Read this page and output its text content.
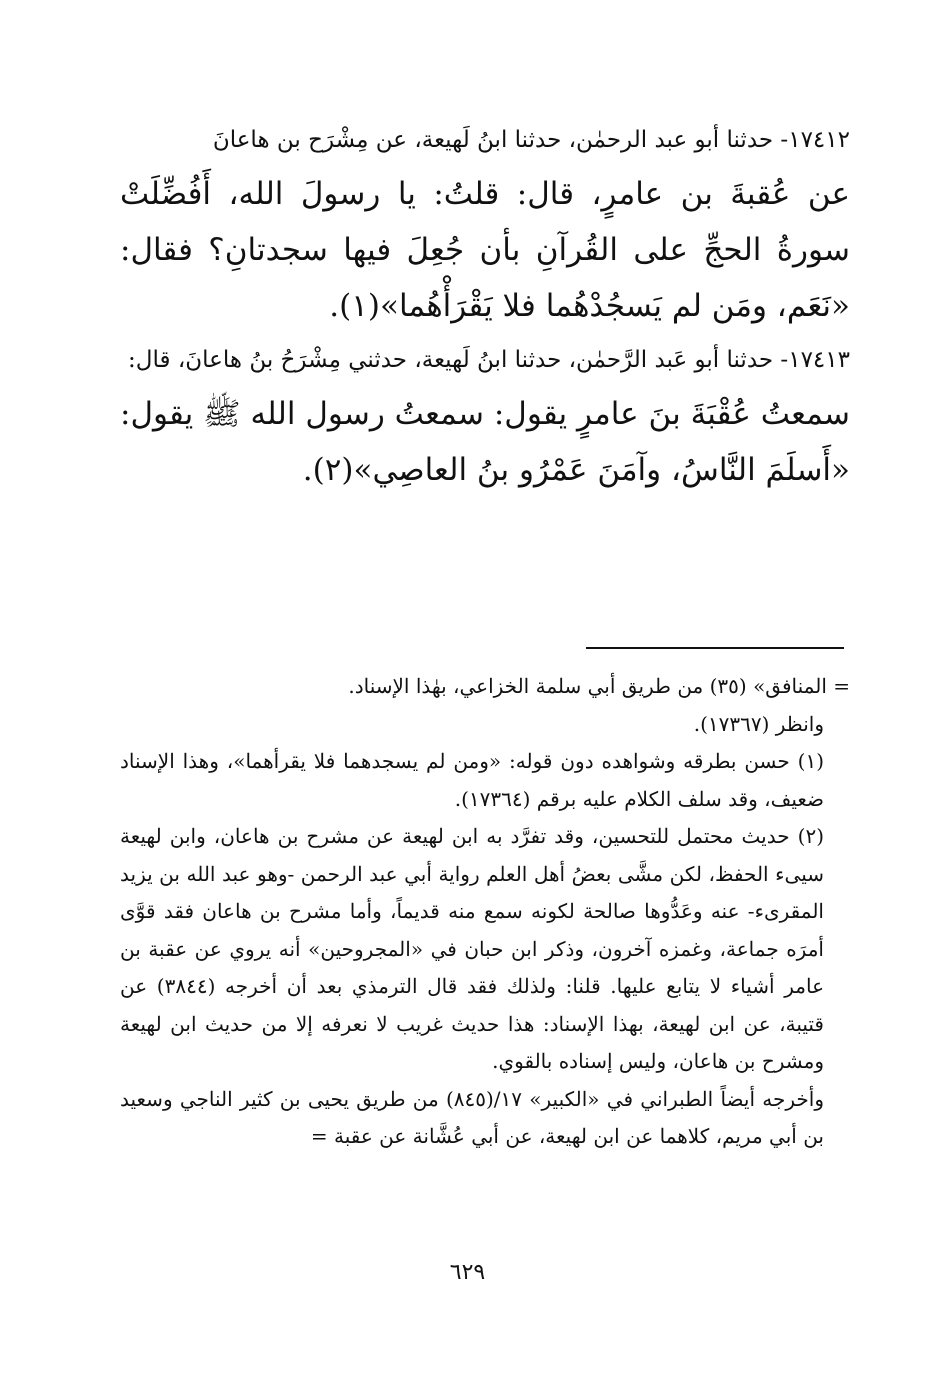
١٧٤١٢- حدثنا أبو عبد الرحمٰن، حدثنا ابنُ لَهيعة، عن مِشْرَح بن هاعانَ

عن عُقبةَ بن عامرٍ، قال: قلتُ: يا رسولَ الله، أَفُضِّلَتْ سورةُ الحجِّ على القُرآنِ بأن جُعِلَ فيها سجدتانِ؟ فقال: «نَعَم، ومَن لم يَسجُدْهُما فلا يَقْرَأْهُما»(١).

١٧٤١٣- حدثنا أبو عَبد الرَّحمٰن، حدثنا ابنُ لَهيعة، حدثني مِشْرَحُ بنُ هاعانَ، قال:

سمعتُ عُقْبَةَ بنَ عامرٍ يقول: سمعتُ رسول الله ﷺ يقول: «أَسلَمَ النَّاسُ، وآمَنَ عَمْرُو بنُ العاصِي»(٢).

= المنافق» (٣٥) من طريق أبي سلمة الخزاعي، بهٰذا الإسناد.

وانظر (١٧٣٦٧).

(١) حسن بطرقه وشواهده دون قوله: «ومن لم يسجدهما فلا يقرأهما»، وهذا الإسناد ضعيف، وقد سلف الكلام عليه برقم (١٧٣٦٤).

(٢) حديث محتمل للتحسين، وقد تفرَّد به ابن لهيعة عن مشرح بن هاعان، وابن لهيعة سيىء الحفظ، لكن مشَّى بعضُ أهل العلم رواية أبي عبد الرحمن -وهو عبد الله بن يزيد المقرىء- عنه وعَدُّوها صالحة لكونه سمع منه قديماً، وأما مشرح بن هاعان فقد قوَّى أمرَه جماعة، وغمزه آخرون، وذكر ابن حبان في «المجروحين» أنه يروي عن عقبة بن عامر أشياء لا يتابع عليها. قلنا: ولذلك فقد قال الترمذي بعد أن أخرجه (٣٨٤٤) عن قتيبة، عن ابن لهيعة، بهذا الإسناد: هذا حديث غريب لا نعرفه إلا من حديث ابن لهيعة ومشرح بن هاعان، وليس إسناده بالقوي.

وأخرجه أيضاً الطبراني في «الكبير» ١٧/(٨٤٥) من طريق يحيى بن كثير الناجي وسعيد بن أبي مريم، كلاهما عن ابن لهيعة، عن أبي عُشَّانة عن عقبة =

٦٢٩
